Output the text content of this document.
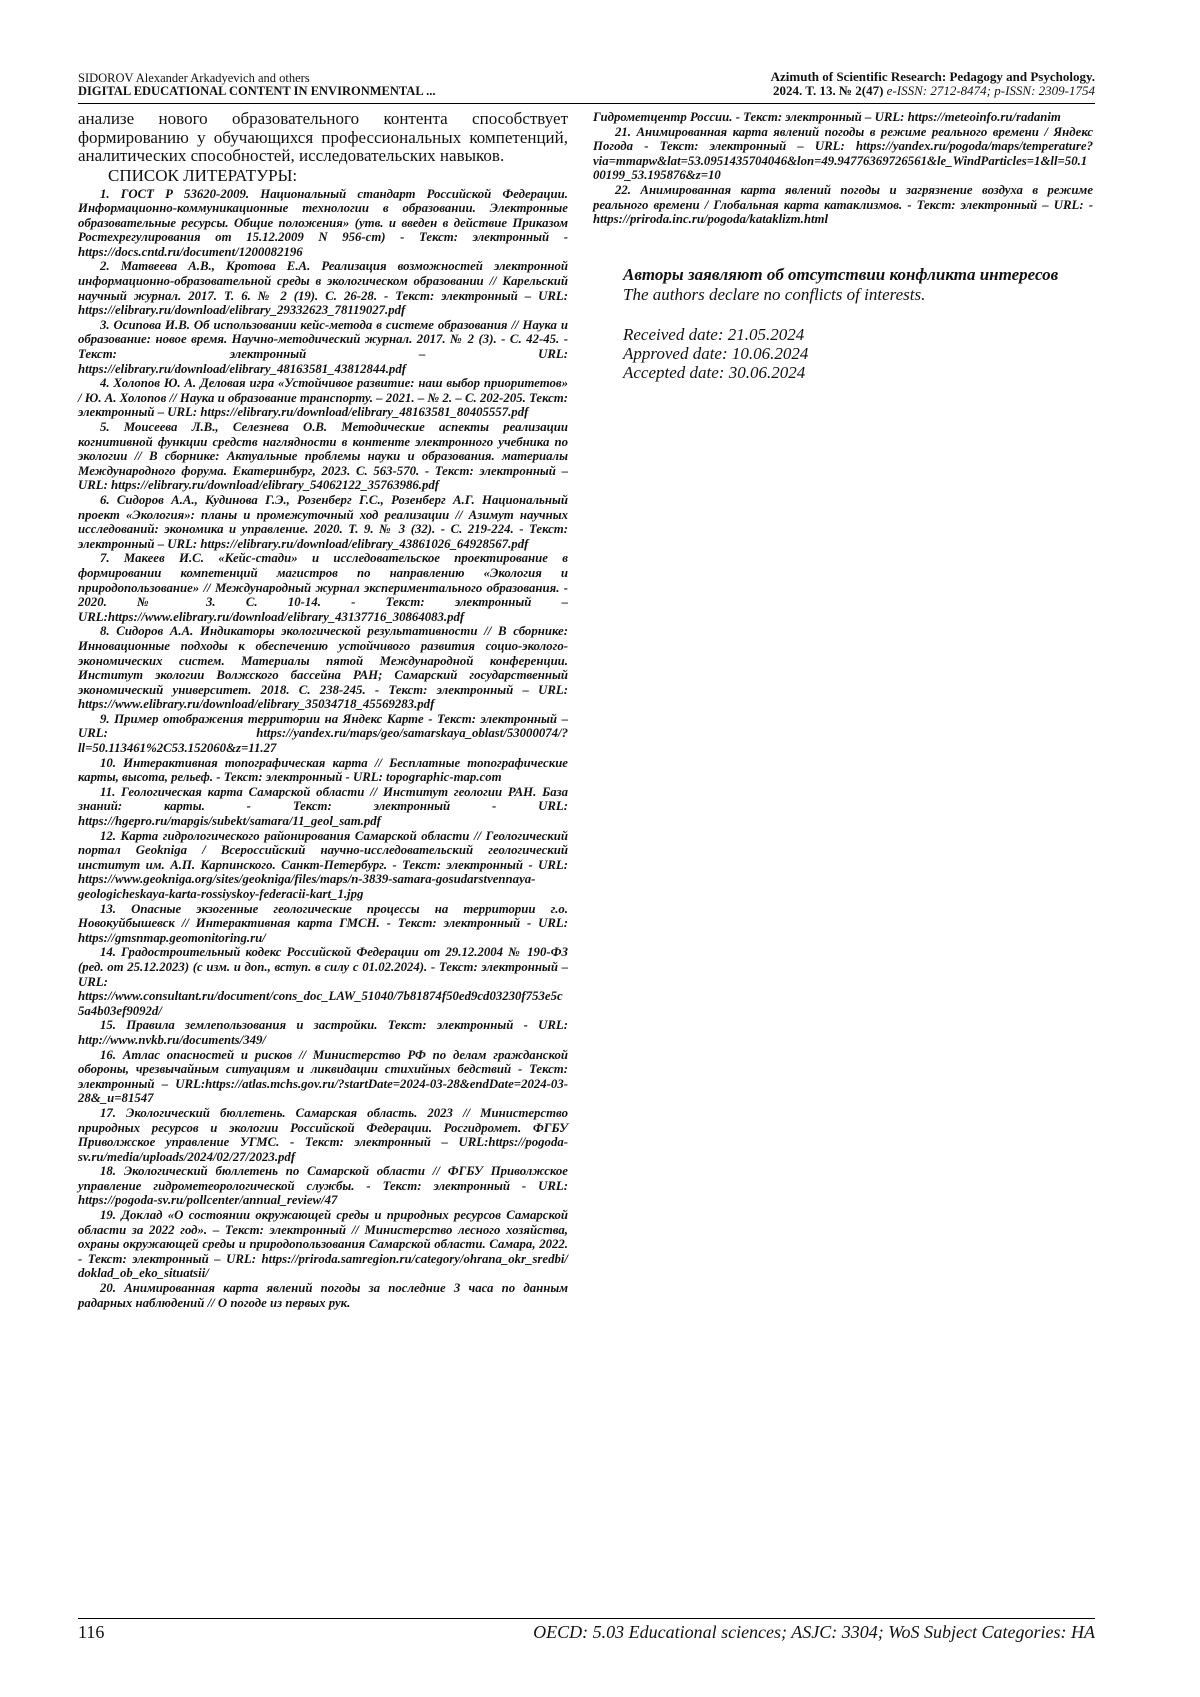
SIDOROV Alexander Arkadyevich and others
DIGITAL EDUCATIONAL CONTENT IN ENVIRONMENTAL ...
Azimuth of Scientific Research: Pedagogy and Psychology.
2024. T. 13. № 2(47) e-ISSN: 2712-8474; p-ISSN: 2309-1754

анализе нового образовательного контента способствует формированию у обучающихся профессиональных компетенций, аналитических способностей, исследовательских навыков.

СПИСОК ЛИТЕРАТУРЫ:

1. ГОСТ Р 53620-2009. Национальный стандарт Российской Федерации. Информационно-коммуникационные технологии в образовании. Электронные образовательные ресурсы. Общие положения» (утв. и введен в действие Приказом Ростехрегулирования от 15.12.2009 N 956-ст) - Текст: электронный - https://docs.cntd.ru/document/1200082196

2. Матвеева А.В., Кротова Е.А. Реализация возможностей электронной информационно-образовательной среды в экологическом образовании // Карельский научный журнал. 2017. Т. 6. № 2 (19). С. 26-28. - Текст: электронный – URL: https://elibrary.ru/download/elibrary_29332623_78119027.pdf

3. Осипова И.В. Об использовании кейс-метода в системе образования // Наука и образование: новое время. Научно-методический журнал. 2017. № 2 (3). - С. 42-45. - Текст: электронный – URL: https://elibrary.ru/download/elibrary_48163581_43812844.pdf

4. Холопов Ю. А. Деловая игра «Устойчивое развитие: наш выбор приоритетов» / Ю. А. Холопов // Наука и образование транспорту. – 2021. – № 2. – С. 202-205. Текст: электронный – URL: https://elibrary.ru/download/elibrary_48163581_80405557.pdf

5. Моисеева Л.В., Селезнева О.В. Методические аспекты реализации когнитивной функции средств наглядности в контенте электронного учебника по экологии // В сборнике: Актуальные проблемы науки и образования. материалы Международного форума. Екатеринбург, 2023. С. 563-570. - Текст: электронный – URL: https://elibrary.ru/download/elibrary_54062122_35763986.pdf

6. Сидоров А.А., Кудинова Г.Э., Розенберг Г.С., Розенберг А.Г. Национальный проект «Экология»: планы и промежуточный ход реализации // Азимут научных исследований: экономика и управление. 2020. Т. 9. № 3 (32). - С. 219-224. - Текст: электронный – URL: https://elibrary.ru/download/elibrary_43861026_64928567.pdf

7. Макеев И.С. «Кейс-стади» и исследовательское проектирование в формировании компетенций магистров по направлению «Экология и природопользование» // Международный журнал экспериментального образования. - 2020. № 3. С. 10-14. - Текст: электронный – URL:https://www.elibrary.ru/download/elibrary_43137716_30864083.pdf

8. Сидоров А.А. Индикаторы экологической результативности // В сборнике: Инновационные подходы к обеспечению устойчивого развития социо-эколого-экономических систем. Материалы пятой Международной конференции. Институт экологии Волжского бассейна РАН; Самарский государственный экономический университет. 2018. С. 238-245. - Текст: электронный – URL: https://www.elibrary.ru/download/elibrary_35034718_45569283.pdf

9. Пример отображения территории на Яндекс Карте - Текст: электронный – URL: https://yandex.ru/maps/geo/samarskaya_oblast/53000074/?ll=50.113461%2C53.152060&z=11.27

10. Интерактивная топографическая карта // Бесплатные топографические карты, высота, рельеф. - Текст: электронный - URL: topographic-map.com

11. Геологическая карта Самарской области // Институт геологии РАН. База знаний: карты. - Текст: электронный - URL: https://hgepro.ru/mapgis/subekt/samara/11_geol_sam.pdf

12. Карта гидрологического районирования Самарской области // Геологический портал Geokniga / Всероссийский научно-исследовательский геологический институт им. А.П. Карпинского. Санкт-Петербург. - Текст: электронный - URL: https://www.geokniga.org/sites/geokniga/files/maps/n-3839-samara-gosudarstvennaya-geologicheskaya-karta-rossiyskoy-federacii-kart_1.jpg

13. Опасные экзогенные геологические процессы на территории г.о. Новокуйбышевск // Интерактивная карта ГМСН. - Текст: электронный - URL: https://gmsnmap.geomonitoring.ru/

14. Градостроительный кодекс Российской Федерации от 29.12.2004 № 190-ФЗ (ред. от 25.12.2023) (с изм. и доп., вступ. в силу с 01.02.2024). - Текст: электронный – URL: https://www.consultant.ru/document/cons_doc_LAW_51040/7b81874f50ed9cd03230f753e5c5a4b03ef9092d/

15. Правила землепользования и застройки. Текст: электронный - URL: http://www.nvkb.ru/documents/349/

16. Атлас опасностей и рисков // Министерство РФ по делам гражданской обороны, чрезвычайным ситуациям и ликвидации стихийных бедствий - Текст: электронный – URL:https://atlas.mchs.gov.ru/?startDate=2024-03-28&endDate=2024-03-28&_u=81547

17. Экологический бюллетень. Самарская область. 2023 // Министерство природных ресурсов и экологии Российской Федерации. Росгидромет. ФГБУ Приволжское управление УГМС. - Текст: электронный – URL:https://pogoda-sv.ru/media/uploads/2024/02/27/2023.pdf

18. Экологический бюллетень по Самарской области // ФГБУ Приволжское управление гидрометеорологической службы. - Текст: электронный - URL: https://pogoda-sv.ru/pollcenter/annual_review/47

19. Доклад «О состоянии окружающей среды и природных ресурсов Самарской области за 2022 год». – Текст: электронный // Министерство лесного хозяйства, охраны окружающей среды и природопользования Самарской области. Самара, 2022. - Текст: электронный – URL: https://priroda.samregion.ru/category/ohrana_okr_sredbi/ doklad_ob_eko_situatsii/

20. Анимированная карта явлений погоды за последние 3 часа по данным радарных наблюдений // О погоде из первых рук.

Гидрометцентр России. - Текст: электронный – URL: https://meteoinfo.ru/radanim

21. Анимированная карта явлений погоды в режиме реального времени / Яндекс Погода - Текст: электронный – URL: https://yandex.ru/pogoda/maps/temperature?via=mmapw&lat=53.0951435704046&lon=49.94776369726561&le_WindParticles=1&ll=50.100199_53.195876&z=10

22. Анимированная карта явлений погоды и загрязнение воздуха в режиме реального времени / Глобальная карта катаклизмов. - Текст: электронный – URL: - https://priroda.inc.ru/pogoda/kataklizm.html

Авторы заявляют об отсутствии конфликта интересов

The authors declare no conflicts of interests.

Received date: 21.05.2024
Approved date: 10.06.2024
Accepted date: 30.06.2024
116	OECD: 5.03 Educational sciences; ASJC: 3304; WoS Subject Categories: HA
